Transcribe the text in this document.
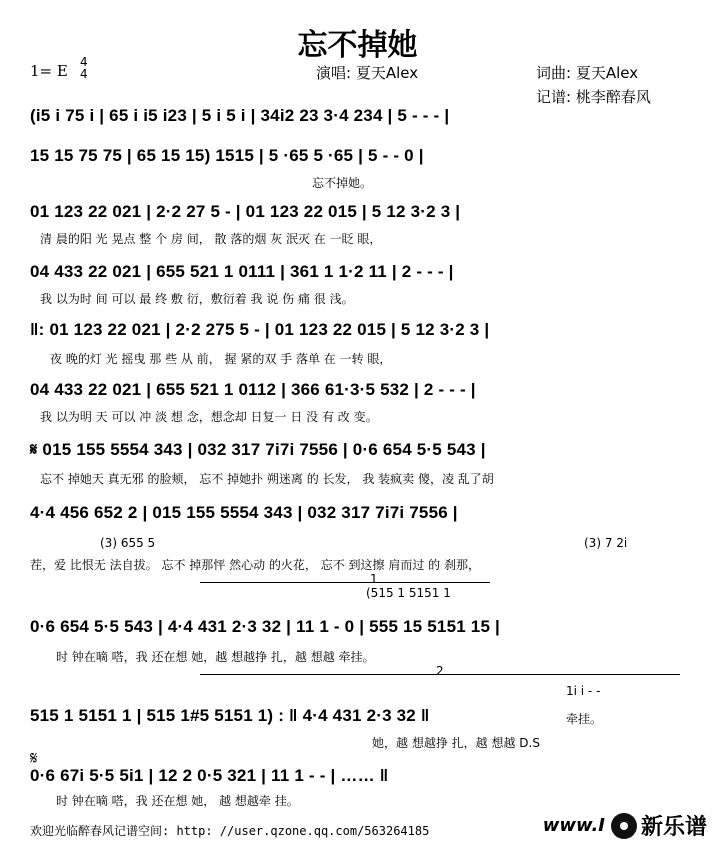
忘不掉她
1= E 4
4	演唱: 夏天Alex	词曲: 夏天Alex
记谱: 桃李醉春风
(i5 i 75 i | 65 i i5 i23 | 5 i 5 i | 34i2 23 3·4 234 | 5 - - - |
15 15 75 75 | 65 15 15) 1515 | 5 ·65 5 ·65 | 5 - - 0 |
忘不掉她。
01 123 22 021 | 2·2 27 5 - | 01 123 22 015 | 5 12 3·2 3 |
清 晨的阳 光 晃点 整 个 房 间， 散 落的烟 灰 泯灭 在 一眨 眼，
04 433 22 021 | 655 521 1 0111 | 361 1 1·2 11 | 2 - - - |
我 以为时 间 可以 最 终 敷 衍，敷衍着 我 说 伤 痛 很 浅。
‖: 01 123 22 021 | 2·2 275 5 - | 01 123 22 015 | 5 12 3·2 3 |
夜 晚的灯 光 摇曳 那 些 从 前， 握 紧的双 手 落单 在 一转 眼，
04 433 22 021 | 655 521 1 0112 | 366 61·3·5 532 | 2 - - - |
我 以为明 天 可以 冲 淡 想 念，想念却 日复一 日 没 有 改 变。
𝄋 015 155 5554 343 | 032 317 7i7i 7556 | 0·6 654 5·5 543 |
忘不 掉她天 真无邪 的脸颊， 忘不 掉她扑 朔迷离 的 长发， 我 装疯卖 傻，凌 乱了胡
4·4 456 652 2 | 015 155 5554 343 | 032 317 7i7i 7556 |
(3) 655 5	(3) 7 2i
茬，爱 比恨无 法自拔。 忘不 掉那怦 然心动 的火花， 忘不 到这擦 肩而过 的 刹那，
(515 1 5151 1
1
0·6 654 5·5 543 | 4·4 431 2·3 32 | 11 1 - 0 | 555 15 5151 15 |
时 钟在嘀 嗒，我 还在想 她，越 想越挣 扎，越 想越 牵挂。
2
1i i - -
牵挂。
515 1 5151 1 | 515 1#5 5151 1) : ‖ 4·4 431 2·3 32 ‖
她，越 想越挣 扎，越 想越 D.S
𝄋
0·6 67i 5·5 5i1 | 12 2 0·5 321 | 11 1 - - | …… ‖
时 钟在嘀 嗒，我 还在想 她， 越 想越牵 挂。
欢迎光临醉春风记谱空间: http: //user.qzone.qq.com/563264185	www.I 新乐谱
